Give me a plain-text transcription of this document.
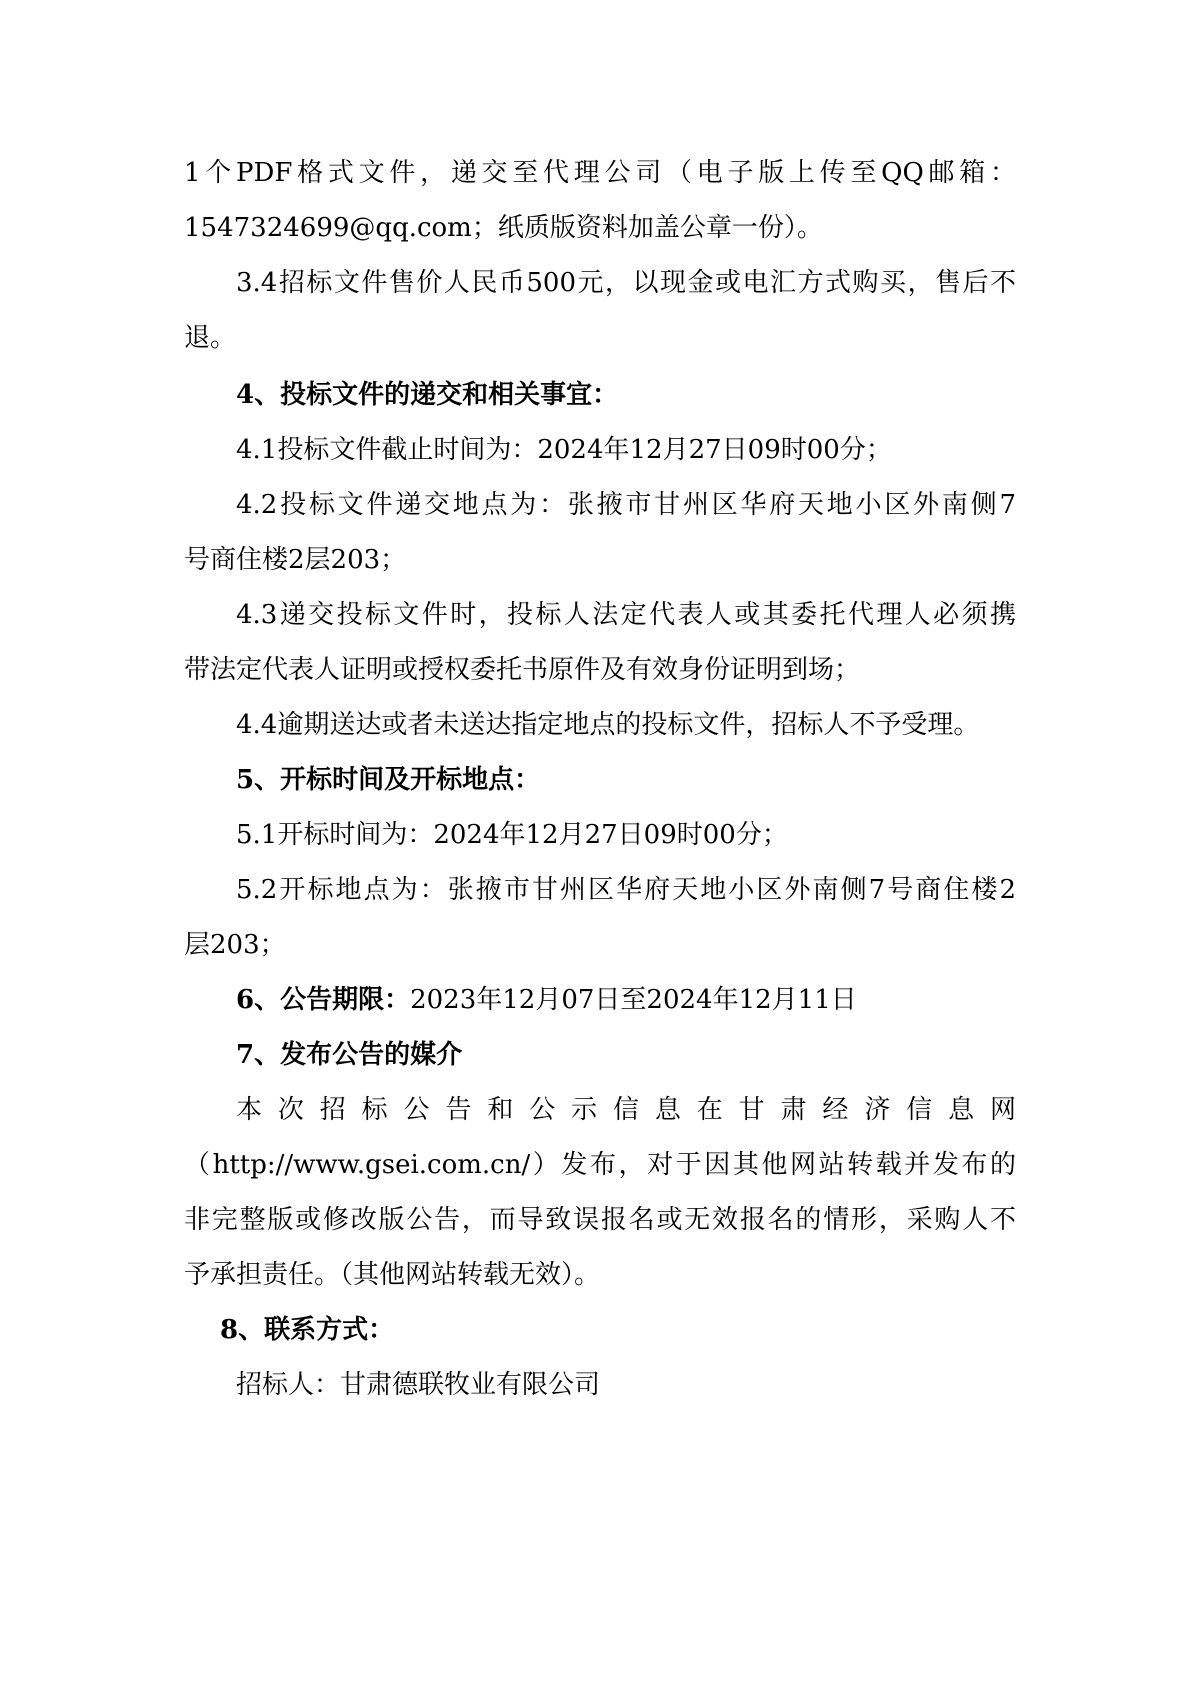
1个PDF格式文件，递交至代理公司（电子版上传至QQ邮箱：
1547324699@qq.com；纸质版资料加盖公章一份）。
3.4招标文件售价人民币500元，以现金或电汇方式购买，售后不
退。
4、投标文件的递交和相关事宜：
4.1投标文件截止时间为：2024年12月27日09时00分；
4.2投标文件递交地点为：张掖市甘州区华府天地小区外南侧7
号商住楼2层203；
4.3递交投标文件时，投标人法定代表人或其委托代理人必须携
带法定代表人证明或授权委托书原件及有效身份证明到场；
4.4逾期送达或者未送达指定地点的投标文件，招标人不予受理。
5、开标时间及开标地点：
5.1开标时间为：2024年12月27日09时00分；
5.2开标地点为：张掖市甘州区华府天地小区外南侧7号商住楼2
层203；
6、公告期限：2023年12月07日至2024年12月11日
7、发布公告的媒介
本次招标公告和公示信息在甘肃经济信息网
（http://www.gsei.com.cn/）发布，对于因其他网站转载并发布的
非完整版或修改版公告，而导致误报名或无效报名的情形，采购人不
予承担责任。（其他网站转载无效）。
8、联系方式：
招标人：甘肃德联牧业有限公司
